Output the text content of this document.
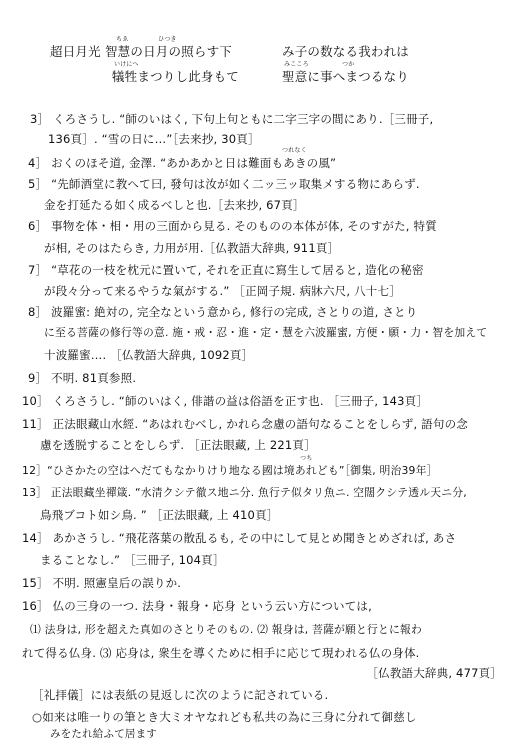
超日月光 智慧の日月の照らす下	み子の数なる我われは
犠牲まつりし此身もて	聖意に事へまつるなり
ちゑ	ひつき
いけにへ	みこころ	つか
3］ くろさうし. “師のいはく, 下句上句ともに二字三字の間にあり.［三冊子,
136頁］. “雪の日に…”［去来抄, 30頁］
4］ おくのほそ道, 金澤. “あかあかと日は難面もあきの風”
つれなく
5］ “先師酒堂に教へて曰, 發句は汝が如く二ッ三ッ取集メする物にあらず.
金を打延たる如く成るべしと也.［去来抄, 67頁］
6］ 事物を体・相・用の三面から見る. そのものの本体が体, そのすがた, 特質
が相, そのはたらき, 力用が用.［仏教語大辞典, 911頁］
7］ “草花の一枝を枕元に置いて, それを正直に寫生して居ると, 造化の秘密
が段々分って来るやうな氣がする.” ［正岡子規. 病牀六尺, 八十七］
8］ 波羅蜜: 絶対の, 完全なという意から, 修行の完成, さとりの道, さとり
に至る菩薩の修行等の意. 施・戒・忍・進・定・慧を六波羅蜜, 方便・願・力・智を加えて
十波羅蜜…. ［仏教語大辞典, 1092頁］
9］ 不明. 81頁参照.
10］ くろさうし. “師のいはく, 俳諧の益は俗語を正す也. ［三冊子, 143頁］
11］ 正法眼藏山水經. “あはれむべし, かれら念慮の語句なることをしらず, 語句の念
慮を透脱することをしらず. ［正法眼藏, 上 221頁］
12］“ひさかたの空はへだてもなかりけり地なる國は境あれども”［御集, 明治39年］
つち
13］ 正法眼藏坐禪箴. “水清クシテ徹ス地ニ分. 魚行テ似タリ魚ニ. 空闊クシテ透ル天ニ分,
鳥飛ブコト如シ鳥. ” ［正法眼藏, 上 410頁］
14］ あかさうし. “飛花落葉の散乱るも, その中にして見とめ聞きとめざれば, あさ
まることなし.” ［三冊子, 104頁］
15］ 不明. 照憲皇后の誤りか.
16］ 仏の三身の一つ. 法身・報身・応身 という云い方については,
⑴ 法身は, 形を超えた真如のさとりそのもの. ⑵ 報身は, 菩薩が願と行とに報わ
れて得る仏身. ⑶ 応身は, 衆生を導くために相手に応じて現われる仏の身体.
［仏教語大辞典, 477頁］
［礼拝儀］には表紙の見返しに次のように記されている.
○如来は唯一りの筆とき大ミオヤなれども私共の為に三身に分れて御慈し
みをたれ給ふて居ます
